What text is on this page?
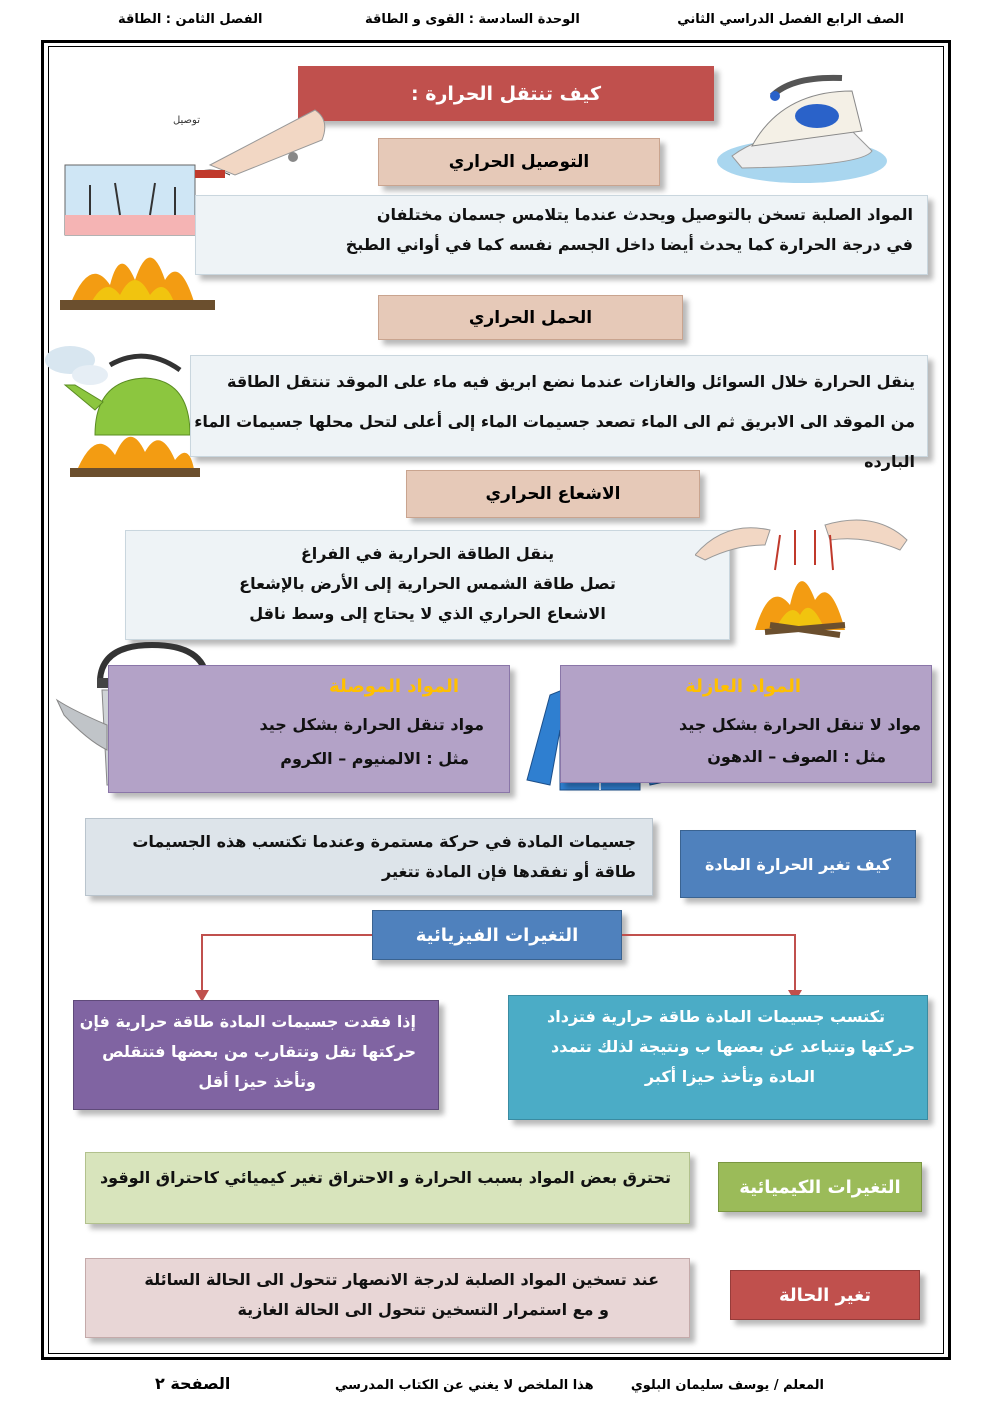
الصف الرابع الفصل الدراسي الثاني
الوحدة السادسة : القوى و الطاقة
الفصل الثامن : الطاقة
كيف تنتقل الحرارة :
توصيل
التوصيل الحراري
المواد الصلبة تسخن بالتوصيل ويحدث عندما يتلامس جسمان مختلفان
في درجة الحرارة كما يحدث أيضا داخل الجسم نفسه كما في أواني الطبخ
الحمل الحراري
ينقل الحرارة خلال السوائل والغازات عندما نضع ابريق فيه ماء على الموقد تنتقل الطاقة
من الموقد الى الابريق ثم الى الماء تصعد جسيمات الماء إلى أعلى لتحل محلها جسيمات الماء البارده
الاشعاع الحراري
ينقل الطاقة الحرارية في الفراغ
تصل طاقة الشمس الحرارية إلى الأرض بالإشعاع
الاشعاع الحراري الذي لا يحتاج إلى وسط ناقل
المواد الموصلة
مواد تنقل الحرارة بشكل جيد
مثل : الالمنيوم – الكروم
المواد العازلة
مواد لا تنقل الحرارة بشكل جيد
مثل : الصوف – الدهون
جسيمات المادة في حركة مستمرة وعندما تكتسب هذه الجسيمات
طاقة أو تفقدها فإن المادة تتغير	كيف تغير الحرارة المادة
التغيرات الفيزيائية
إذا فقدت جسيمات المادة طاقة حرارية فإن
حركتها تقل وتتقارب من بعضها فتتقلص
وتأخذ حيزا أقل
تكتسب جسيمات المادة طاقة حرارية فتزداد
حركتها وتتباعد عن بعضها ب ونتيجة لذلك تتمدد
المادة وتأخذ حيزا أكبر
تحترق بعض المواد بسبب الحرارة و الاحتراق تغير كيميائي كاحتراق الوقود	التغيرات الكيميائية
عند تسخين المواد الصلبة لدرجة الانصهار تتحول الى الحالة السائلة
و مع استمرار التسخين تتحول الى الحالة الغازية
تغير الحالة
المعلم / يوسف سليمان البلوي
هذا الملخص لا يغني عن الكتاب المدرسي
الصفحة ٢
